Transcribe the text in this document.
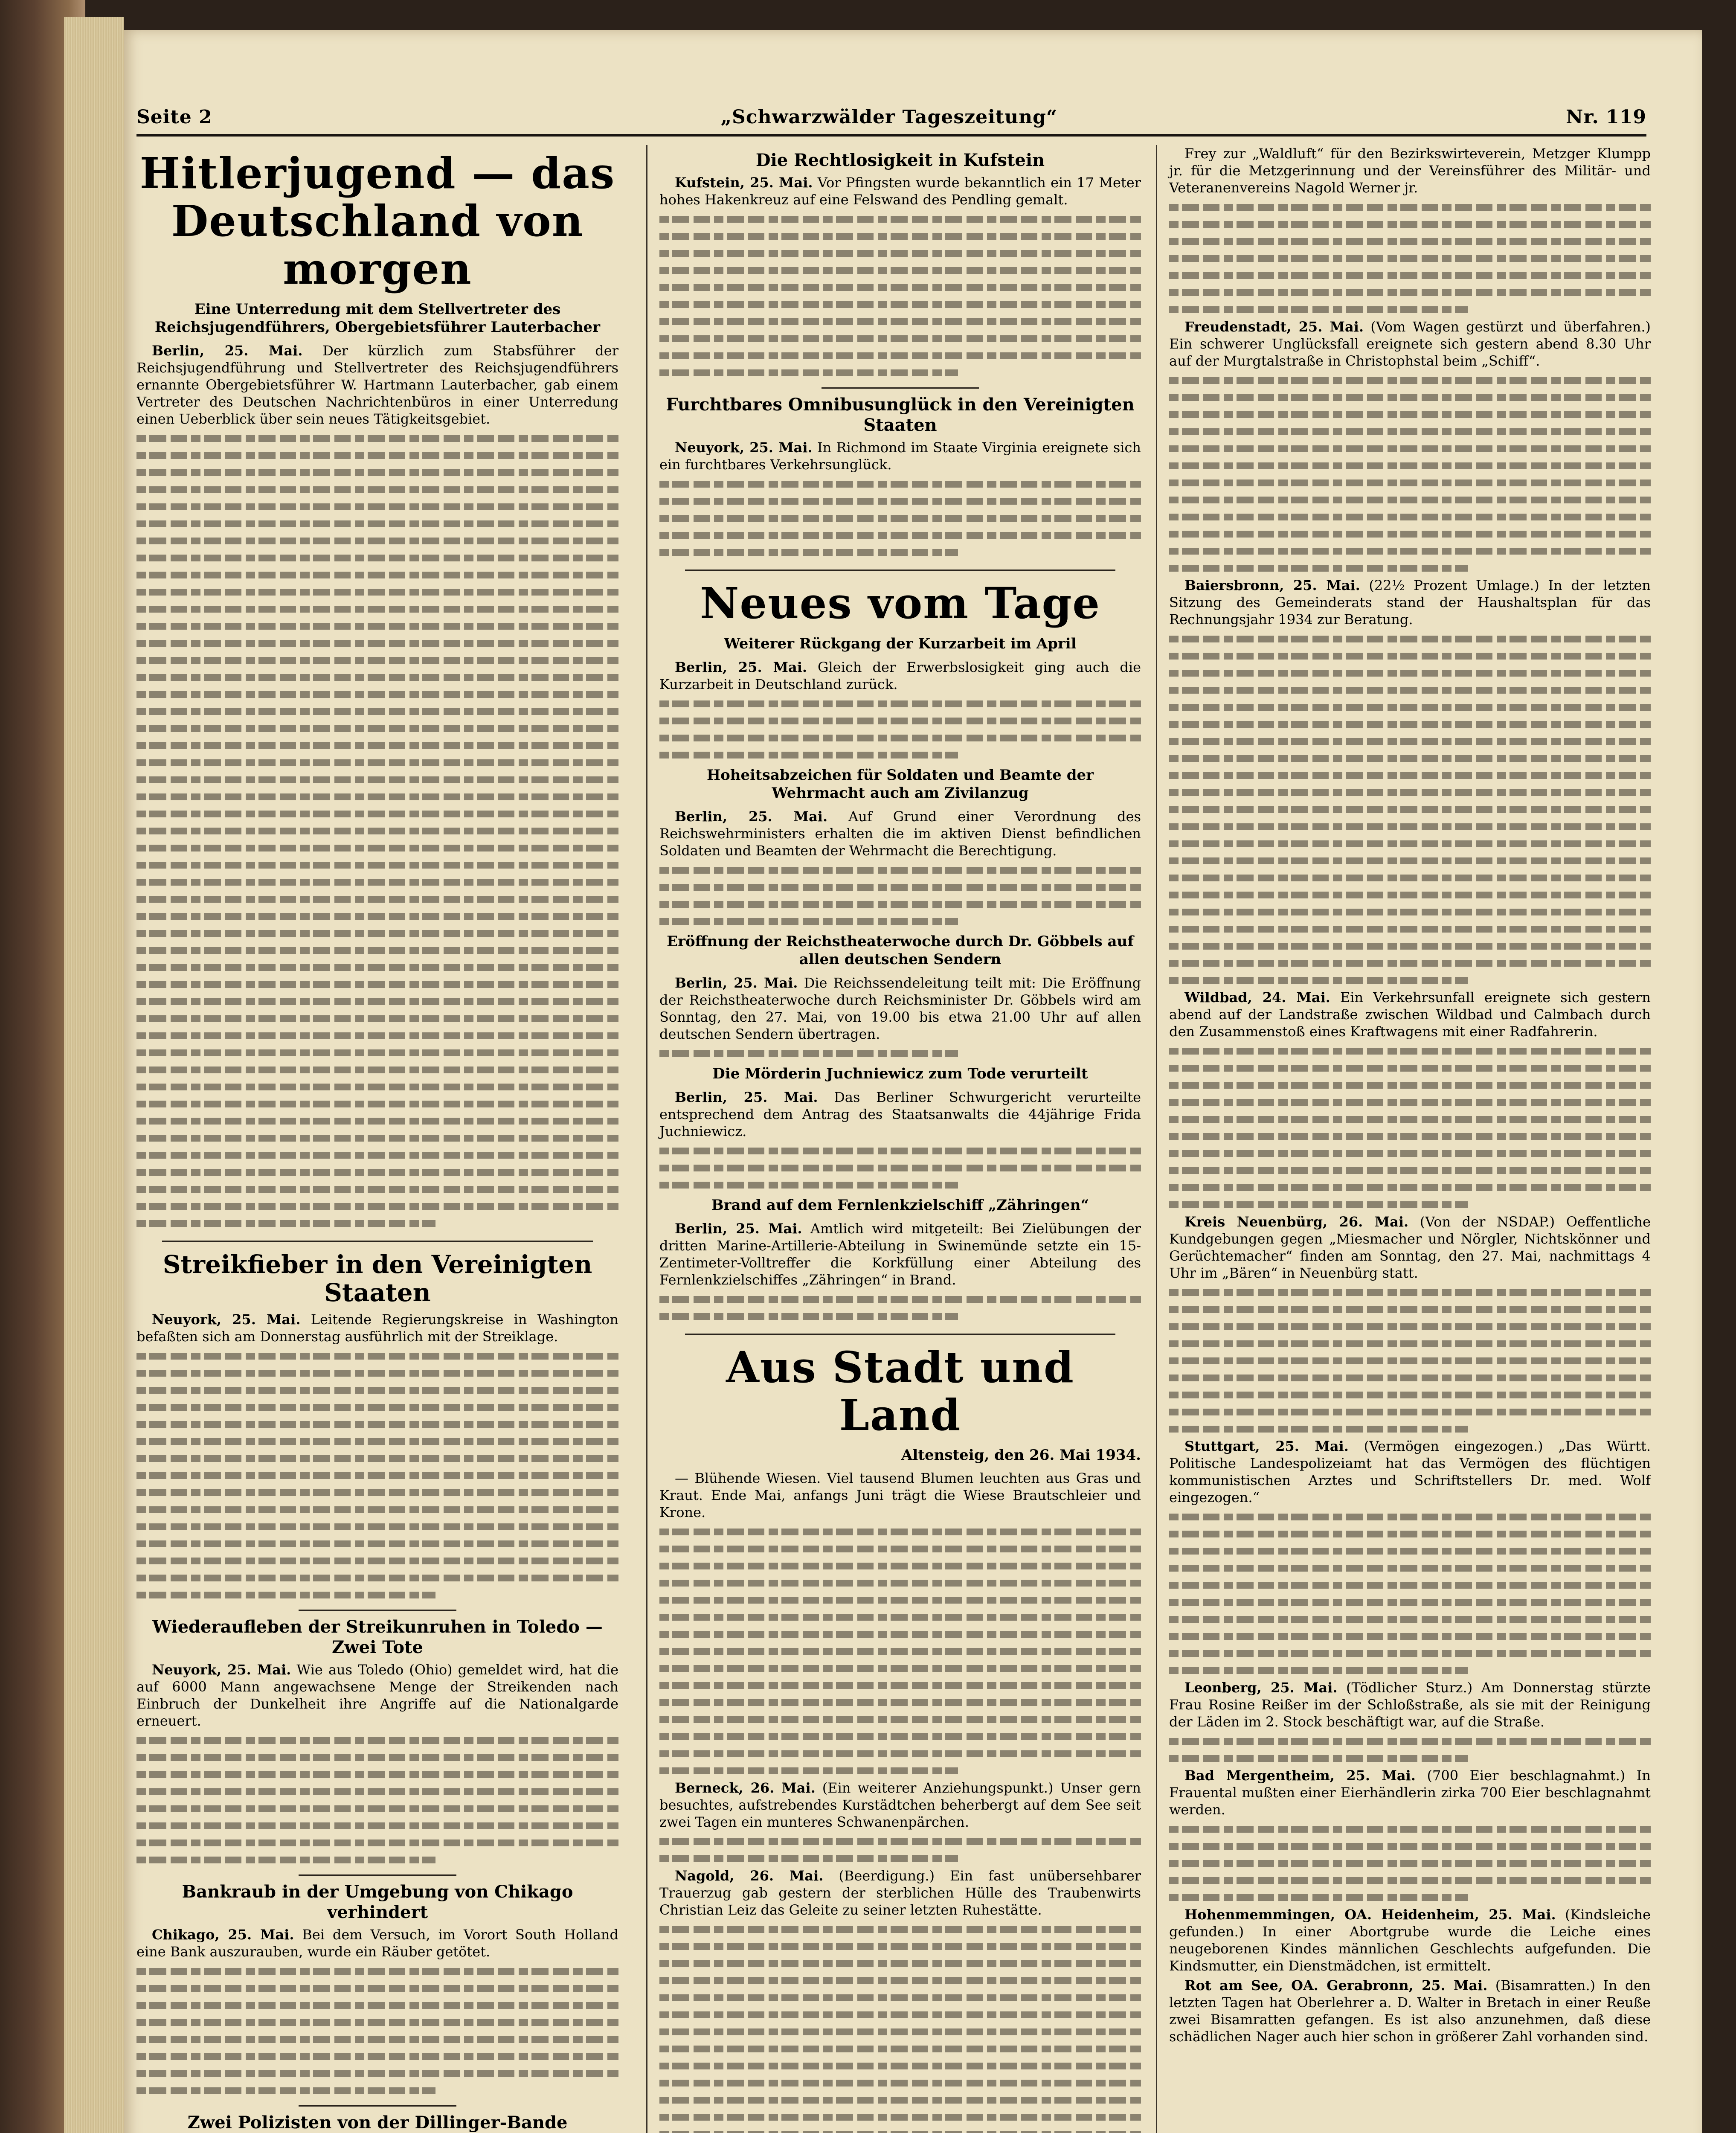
Seite 2	„Schwarzwälder Tageszeitung“	Nr. 119
Hitlerjugend — das Deutschland von morgen
Eine Unterredung mit dem Stellvertreter des Reichsjugendführers, Obergebietsführer Lauterbacher

Berlin, 25. Mai. Der kürzlich zum Stabsführer der Reichsjugendführung und Stellvertreter des Reichsjugendführers ernannte Obergebietsführer W. Hartmann Lauterbacher, gab einem Vertreter des Deutschen Nachrichtenbüros in einer Unterredung einen Ueberblick über sein neues Tätigkeitsgebiet.

Streikfieber in den Vereinigten Staaten

Neuyork, 25. Mai. Leitende Regierungskreise in Washington befaßten sich am Donnerstag ausführlich mit der Streiklage.

Wiederaufleben der Streikunruhen in Toledo — Zwei Tote

Neuyork, 25. Mai. Wie aus Toledo (Ohio) gemeldet wird, hat die auf 6000 Mann angewachsene Menge der Streikenden nach Einbruch der Dunkelheit ihre Angriffe auf die Nationalgarde erneuert.

Bankraub in der Umgebung von Chikago verhindert

Chikago, 25. Mai. Bei dem Versuch, im Vorort South Holland eine Bank auszurauben, wurde ein Räuber getötet.

Zwei Polizisten von der Dillinger-Bande

Die Rechtlosigkeit in Kufstein

Kufstein, 25. Mai. Vor Pfingsten wurde bekanntlich ein 17 Meter hohes Hakenkreuz auf eine Felswand des Pendling gemalt.

Furchtbares Omnibusunglück in den Vereinigten Staaten

Neuyork, 25. Mai. In Richmond im Staate Virginia ereignete sich ein furchtbares Verkehrsunglück.

Neues vom Tage
Weiterer Rückgang der Kurzarbeit im April

Berlin, 25. Mai. Gleich der Erwerbslosigkeit ging auch die Kurzarbeit in Deutschland zurück.

Hoheitsabzeichen für Soldaten und Beamte der Wehrmacht auch am Zivilanzug

Berlin, 25. Mai. Auf Grund einer Verordnung des Reichswehrministers erhalten die im aktiven Dienst befindlichen Soldaten und Beamten der Wehrmacht die Berechtigung.

Eröffnung der Reichstheaterwoche durch Dr. Göbbels auf allen deutschen Sendern

Berlin, 25. Mai. Die Reichssendeleitung teilt mit: Die Eröffnung der Reichstheaterwoche durch Reichsminister Dr. Göbbels wird am Sonntag, den 27. Mai, von 19.00 bis etwa 21.00 Uhr auf allen deutschen Sendern übertragen.

Die Mörderin Juchniewicz zum Tode verurteilt

Berlin, 25. Mai. Das Berliner Schwurgericht verurteilte entsprechend dem Antrag des Staatsanwalts die 44jährige Frida Juchniewicz.

Brand auf dem Fernlenkzielschiff „Zähringen“

Berlin, 25. Mai. Amtlich wird mitgeteilt: Bei Zielübungen der dritten Marine-Artillerie-Abteilung in Swinemünde setzte ein 15-Zentimeter-Volltreffer die Korkfüllung einer Abteilung des Fernlenkzielschiffes „Zähringen“ in Brand.

Aus Stadt und Land
Altensteig, den 26. Mai 1934.

— Blühende Wiesen. Viel tausend Blumen leuchten aus Gras und Kraut. Ende Mai, anfangs Juni trägt die Wiese Brautschleier und Krone.

Berneck, 26. Mai. (Ein weiterer Anziehungspunkt.) Unser gern besuchtes, aufstrebendes Kurstädtchen beherbergt auf dem See seit zwei Tagen ein munteres Schwanenpärchen.

Nagold, 26. Mai. (Beerdigung.) Ein fast unübersehbarer Trauerzug gab gestern der sterblichen Hülle des Traubenwirts Christian Leiz das Geleite zu seiner letzten Ruhestätte.

Frey zur „Waldluft“ für den Bezirkswirteverein, Metzger Klumpp jr. für die Metzgerinnung und der Vereinsführer des Militär- und Veteranenvereins Nagold Werner jr.

Freudenstadt, 25. Mai. (Vom Wagen gestürzt und überfahren.) Ein schwerer Unglücksfall ereignete sich gestern abend 8.30 Uhr auf der Murgtalstraße in Christophstal beim „Schiff“.

Baiersbronn, 25. Mai. (22½ Prozent Umlage.) In der letzten Sitzung des Gemeinderats stand der Haushaltsplan für das Rechnungsjahr 1934 zur Beratung.

Wildbad, 24. Mai. Ein Verkehrsunfall ereignete sich gestern abend auf der Landstraße zwischen Wildbad und Calmbach durch den Zusammenstoß eines Kraftwagens mit einer Radfahrerin.

Kreis Neuenbürg, 26. Mai. (Von der NSDAP.) Oeffentliche Kundgebungen gegen „Miesmacher und Nörgler, Nichtskönner und Gerüchtemacher“ finden am Sonntag, den 27. Mai, nachmittags 4 Uhr im „Bären“ in Neuenbürg statt.

Stuttgart, 25. Mai. (Vermögen eingezogen.) „Das Württ. Politische Landespolizeiamt hat das Vermögen des flüchtigen kommunistischen Arztes und Schriftstellers Dr. med. Wolf eingezogen.“

Leonberg, 25. Mai. (Tödlicher Sturz.) Am Donnerstag stürzte Frau Rosine Reißer im der Schloßstraße, als sie mit der Reinigung der Läden im 2. Stock beschäftigt war, auf die Straße.

Bad Mergentheim, 25. Mai. (700 Eier beschlagnahmt.) In Frauental mußten einer Eierhändlerin zirka 700 Eier beschlagnahmt werden.

Hohenmemmingen, OA. Heidenheim, 25. Mai. (Kindsleiche gefunden.) In einer Abortgrube wurde die Leiche eines neugeborenen Kindes männlichen Geschlechts aufgefunden. Die Kindsmutter, ein Dienstmädchen, ist ermittelt.

Rot am See, OA. Gerabronn, 25. Mai. (Bisamratten.) In den letzten Tagen hat Oberlehrer a. D. Walter in Bretach in einer Reuße zwei Bisamratten gefangen. Es ist also anzunehmen, daß diese schädlichen Nager auch hier schon in größerer Zahl vorhanden sind.
